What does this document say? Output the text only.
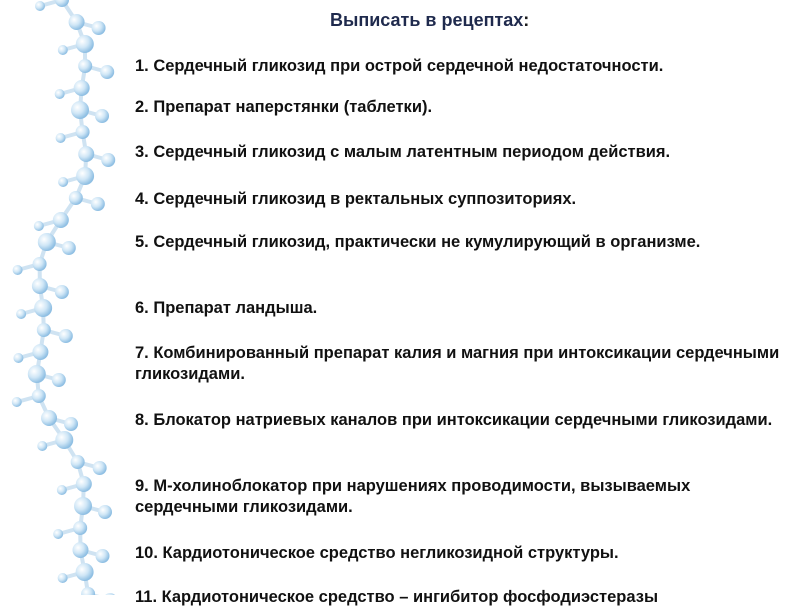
Выписать в рецептах:
1. Сердечный гликозид при острой сердечной недостаточности.
2. Препарат наперстянки (таблетки).
3. Сердечный гликозид с малым латентным периодом действия.
4. Сердечный гликозид в ректальных суппозиториях.
5. Сердечный гликозид, практически не кумулирующий в организме.
6. Препарат ландыша.
7. Комбинированный препарат калия и магния при интоксикации сердечными гликозидами.
8. Блокатор натриевых каналов при интоксикации сердечными гликозидами.
9. М-холиноблокатор при нарушениях проводимости, вызываемых сердечными гликозидами.
10. Кардиотоническое средство негликозидной структуры.
11. Кардиотоническое средство – ингибитор фосфодиэстеразы
